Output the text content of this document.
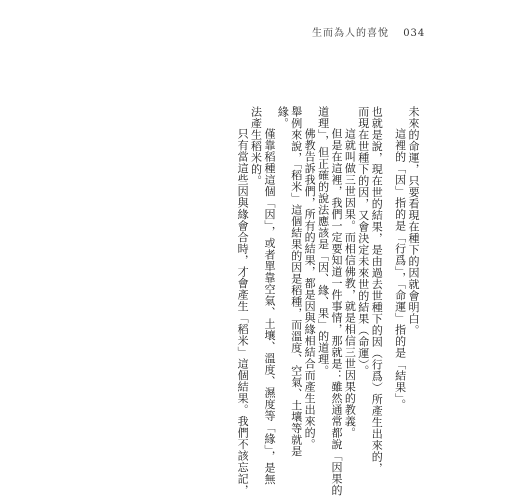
生而為人的喜悅 034
未來的命運，只要看現在種下的因就會明白。
這裡的「因」指的是「行爲」，「命運」指的是「結果」。
也就是說，現在世的結果，是由過去世種下的因（行爲）所產生出來的，
而現在世種下的因，又會決定未來世的結果（命運）。
這就叫做三世因果。而相信佛教，就是相信三世因果的教義。
但是在這裡，我們一定要知道一件事情，那就是：雖然通常都說「因果的
道理」，但正確的說法應該是「因、緣、果」的道理。
佛教告訴我們，所有的結果，都是因與緣相結合而產生出來的。
舉例來說，「稻米」這個結果的因是稻種，而溫度、空氣、土壤等就是
緣。
僅靠稻種這個「因」，或者單靠空氣、土壤、溫度、濕度等「緣」，是無
法產生稻米的。
只有當這些因與緣會合時，才會產生「稻米」這個結果。我們不該忘記，
